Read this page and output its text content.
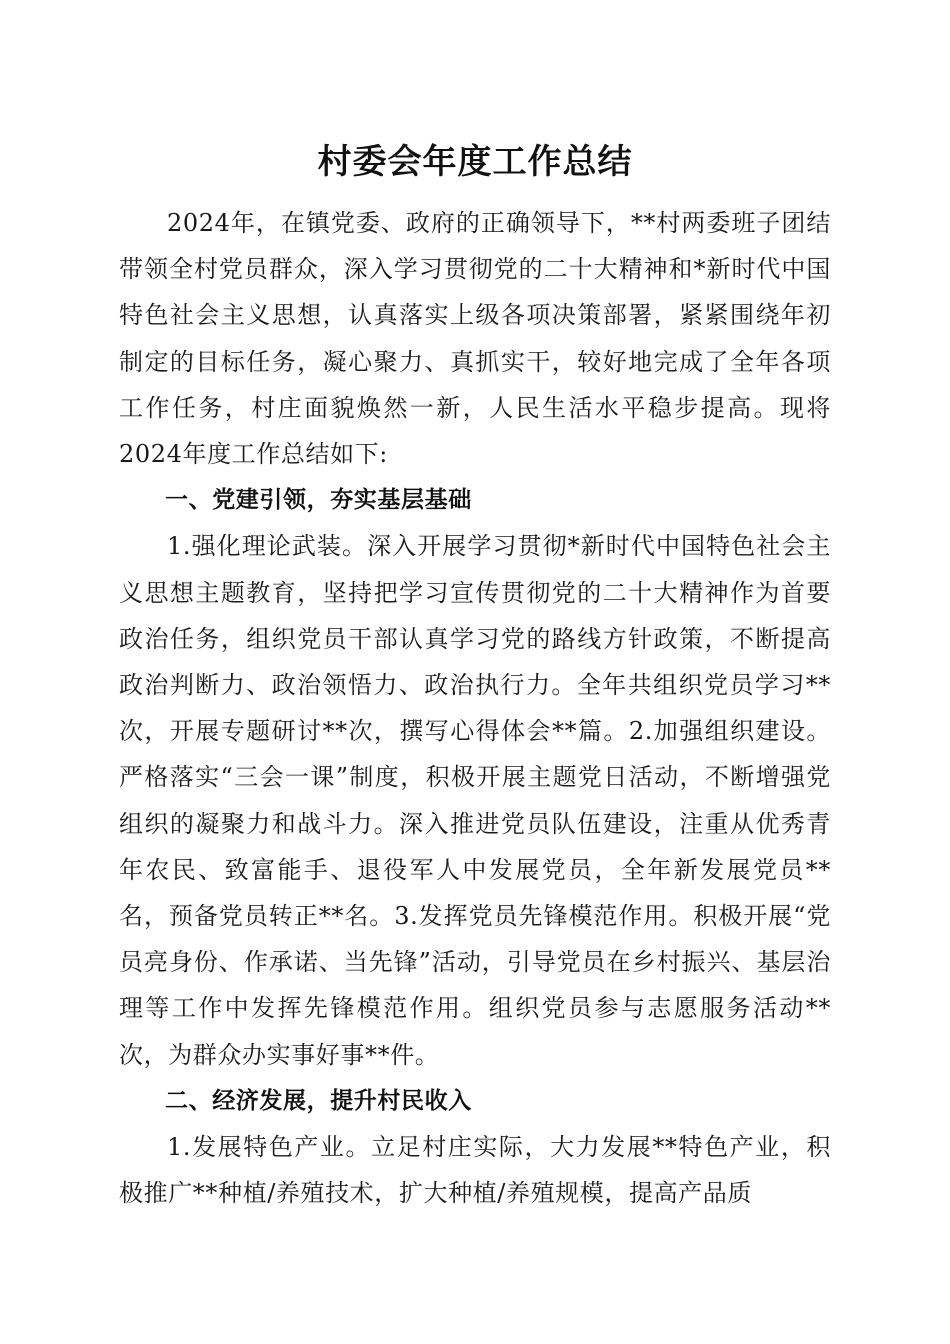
村委会年度工作总结

2024年，在镇党委、政府的正确领导下，**村两委班子团结带领全村党员群众，深入学习贯彻党的二十大精神和*新时代中国特色社会主义思想，认真落实上级各项决策部署，紧紧围绕年初制定的目标任务，凝心聚力、真抓实干，较好地完成了全年各项工作任务，村庄面貌焕然一新，人民生活水平稳步提高。现将2024年度工作总结如下:

一、党建引领，夯实基层基础

1.强化理论武装。深入开展学习贯彻*新时代中国特色社会主义思想主题教育，坚持把学习宣传贯彻党的二十大精神作为首要政治任务，组织党员干部认真学习党的路线方针政策，不断提高政治判断力、政治领悟力、政治执行力。全年共组织党员学习**次，开展专题研讨**次，撰写心得体会**篇。2.加强组织建设。严格落实“三会一课”制度，积极开展主题党日活动，不断增强党组织的凝聚力和战斗力。深入推进党员队伍建设，注重从优秀青年农民、致富能手、退役军人中发展党员，全年新发展党员**名，预备党员转正**名。3.发挥党员先锋模范作用。积极开展“党员亮身份、作承诺、当先锋”活动，引导党员在乡村振兴、基层治理等工作中发挥先锋模范作用。组织党员参与志愿服务活动**次，为群众办实事好事**件。

二、经济发展，提升村民收入

1.发展特色产业。立足村庄实际，大力发展**特色产业，积极推广**种植/养殖技术，扩大种植/养殖规模，提高产品质
